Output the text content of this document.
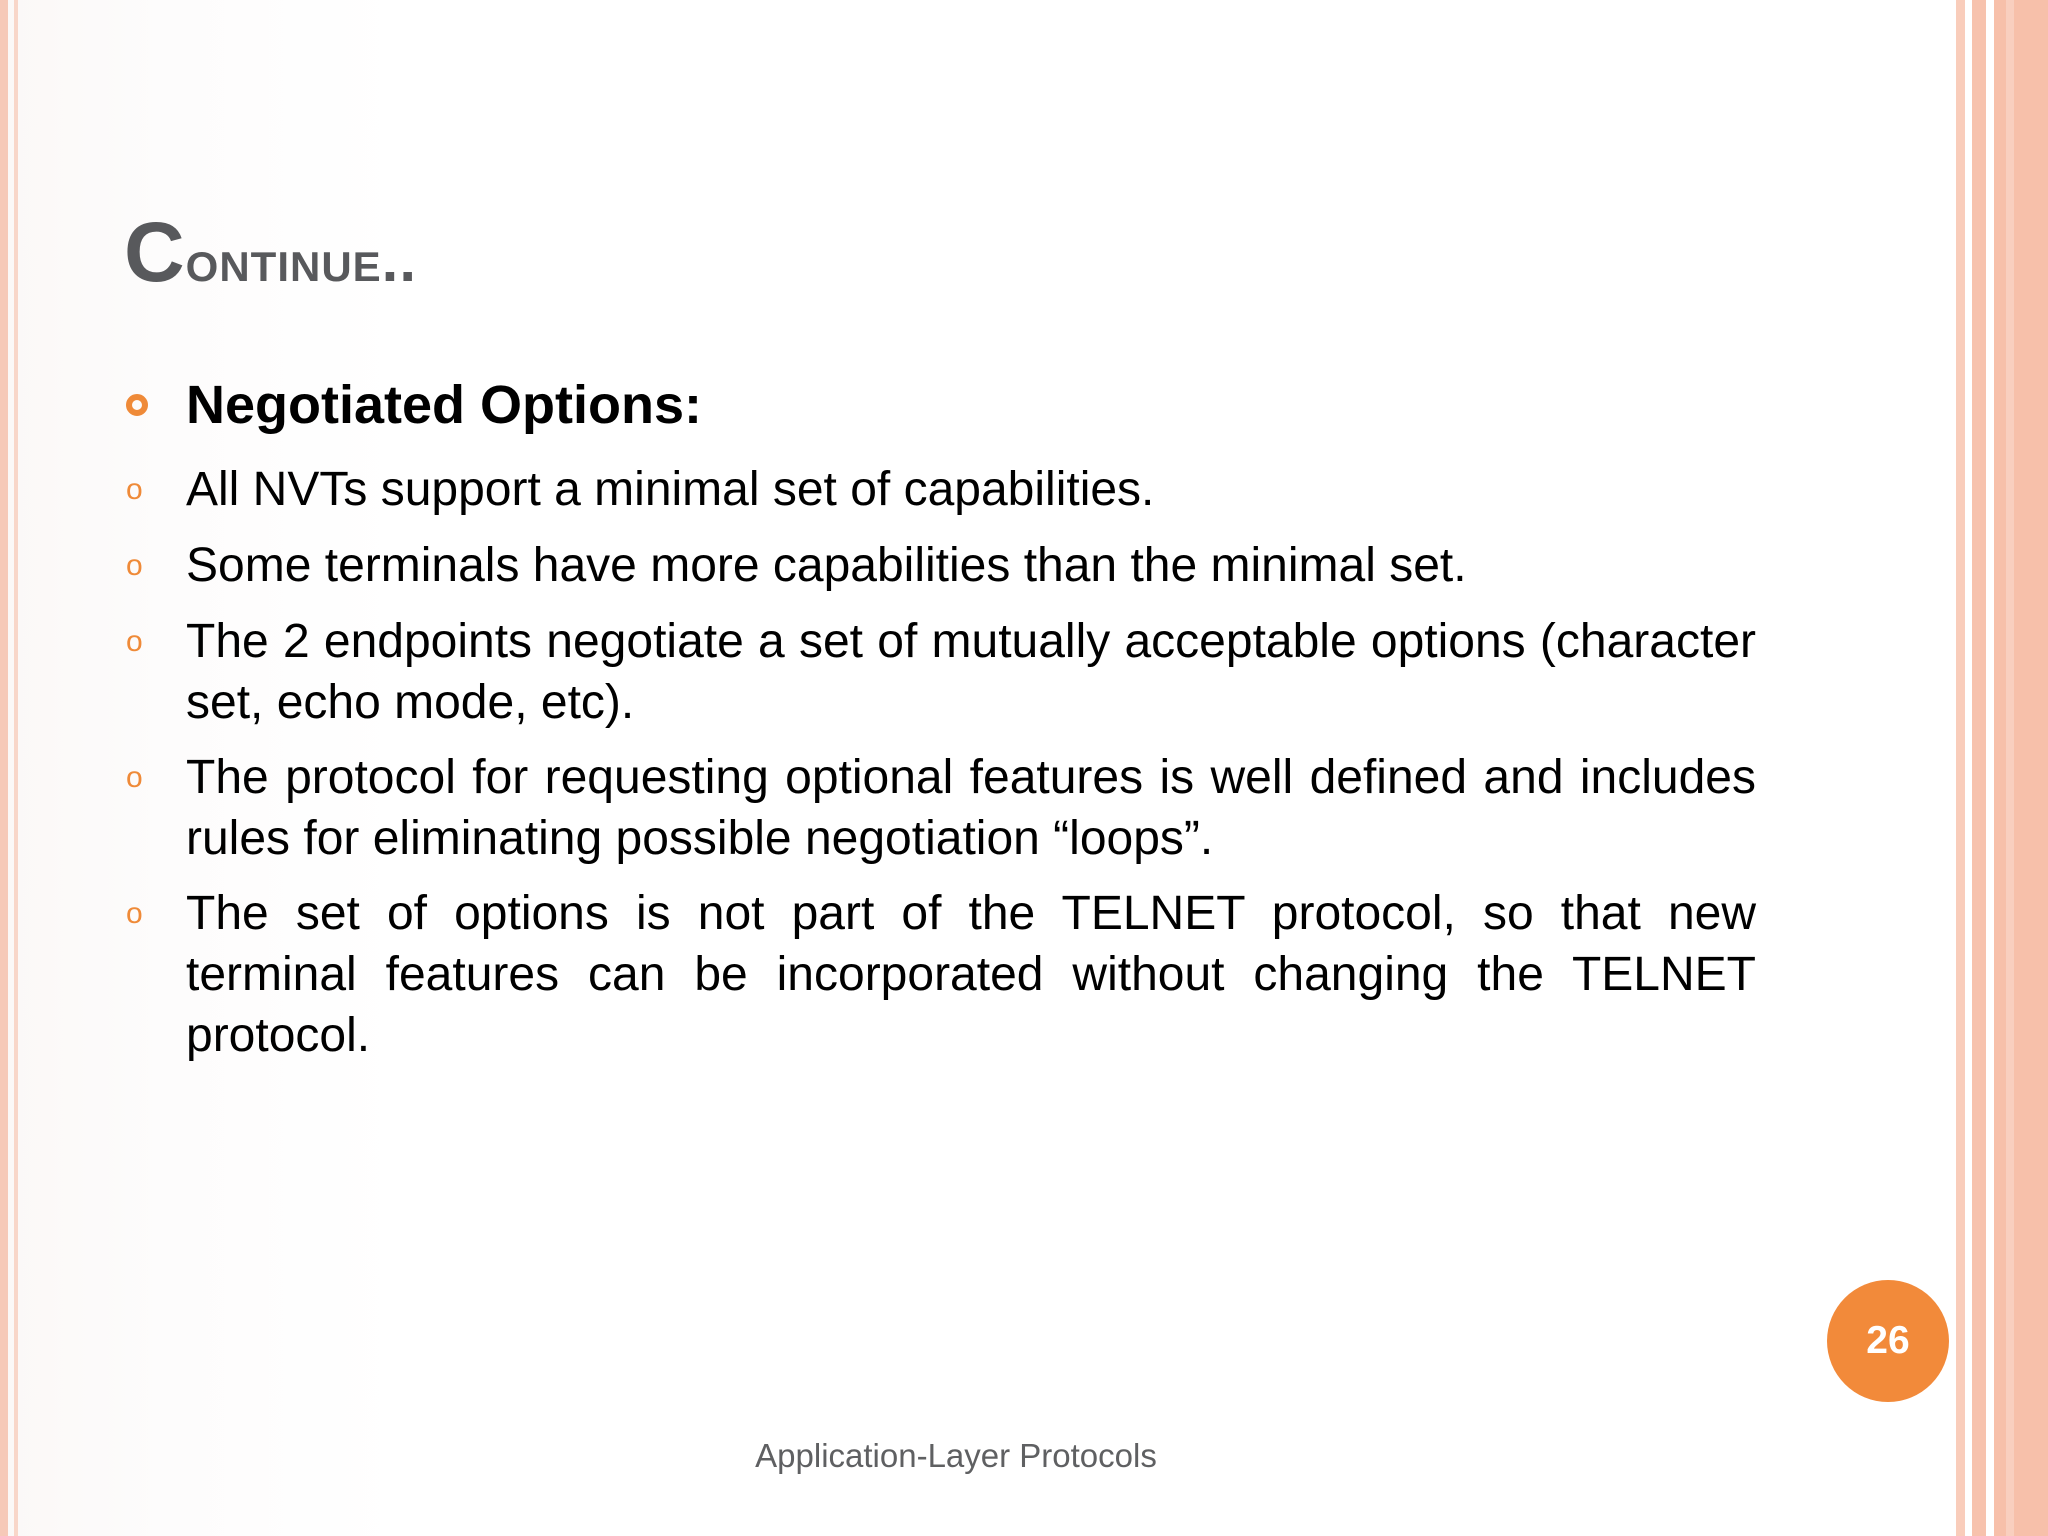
Continue..
Negotiated Options:
o All NVTs support a minimal set of capabilities.
o Some terminals have more capabilities than the minimal set.
o The 2 endpoints negotiate a set of mutually acceptable options (character set, echo mode, etc).
o The protocol for requesting optional features is well defined and includes rules for eliminating possible negotiation “loops”.
o The set of options is not part of the TELNET protocol, so that new terminal features can be incorporated without changing the TELNET protocol.
26
Application-Layer Protocols
